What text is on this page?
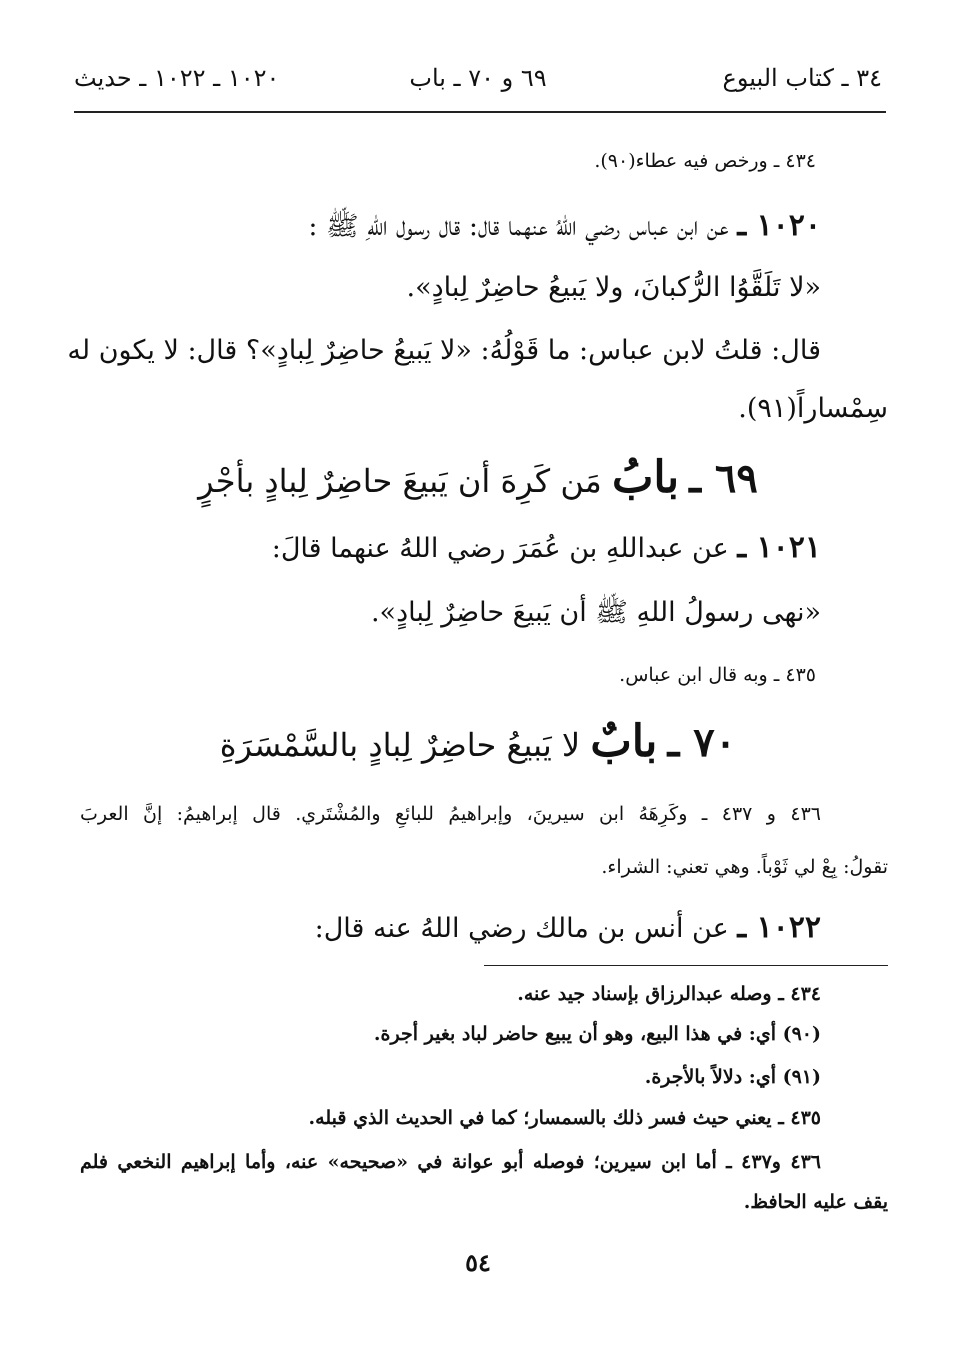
٣٤ ـ كتاب البيوع
٦٩ و ٧٠ ـ باب
١٠٢٠ ـ ١٠٢٢ ـ حديث
٤٣٤ ـ ورخص فيه عطاء(٩٠).
١٠٢٠ ـ عن ابن عباس رضي اللهُ عنهما قال: قال رسول اللهِ ﷺ :
«لا تَلَقَّوُا الرُّكبانَ، ولا يَبيعُ حاضِرٌ لِبادٍ».
قال: قلتُ لابن عباس: ما قَوْلُهُ: «لا يَبيعُ حاضِرٌ لِبادٍ»؟ قال: لا يكون له
سِمْساراً(٩١).
٦٩ ـ بابُ مَن كَرِهَ أن يَبيعَ حاضِرٌ لِبادٍ بأجْرٍ
١٠٢١ ـ عن عبداللهِ بن عُمَرَ رضي اللهُ عنهما قالَ:
«نهى رسولُ اللهِ ﷺ أن يَبيعَ حاضِرٌ لِبادٍ».
٤٣٥ ـ وبه قال ابن عباس.
٧٠ ـ بابٌ لا يَبيعُ حاضِرٌ لِبادٍ بالسَّمْسَرَةِ
٤٣٦ و ٤٣٧ ـ وكَرِهَهُ ابن سيرينَ، وإبراهيمُ للبائعِ والمُشْتَري. قال إبراهيمُ: إنَّ العربَ
تقولُ: بِعْ لي ثَوْباً. وهي تعني: الشراء.
١٠٢٢ ـ عن أنس بن مالك رضي اللهُ عنه قال:
٤٣٤ ـ وصله عبدالرزاق بإسناد جيد عنه.
(٩٠) أي: في هذا البيع، وهو أن يبيع حاضر لباد بغير أجرة.
(٩١) أي: دلالاً بالأجرة.
٤٣٥ ـ يعني حيث فسر ذلك بالسمسار؛ كما في الحديث الذي قبله.
٤٣٦ و٤٣٧ ـ أما ابن سيرين؛ فوصله أبو عوانة في «صحيحه» عنه، وأما إبراهيم النخعي فلم
يقف عليه الحافظ.
٥٤
